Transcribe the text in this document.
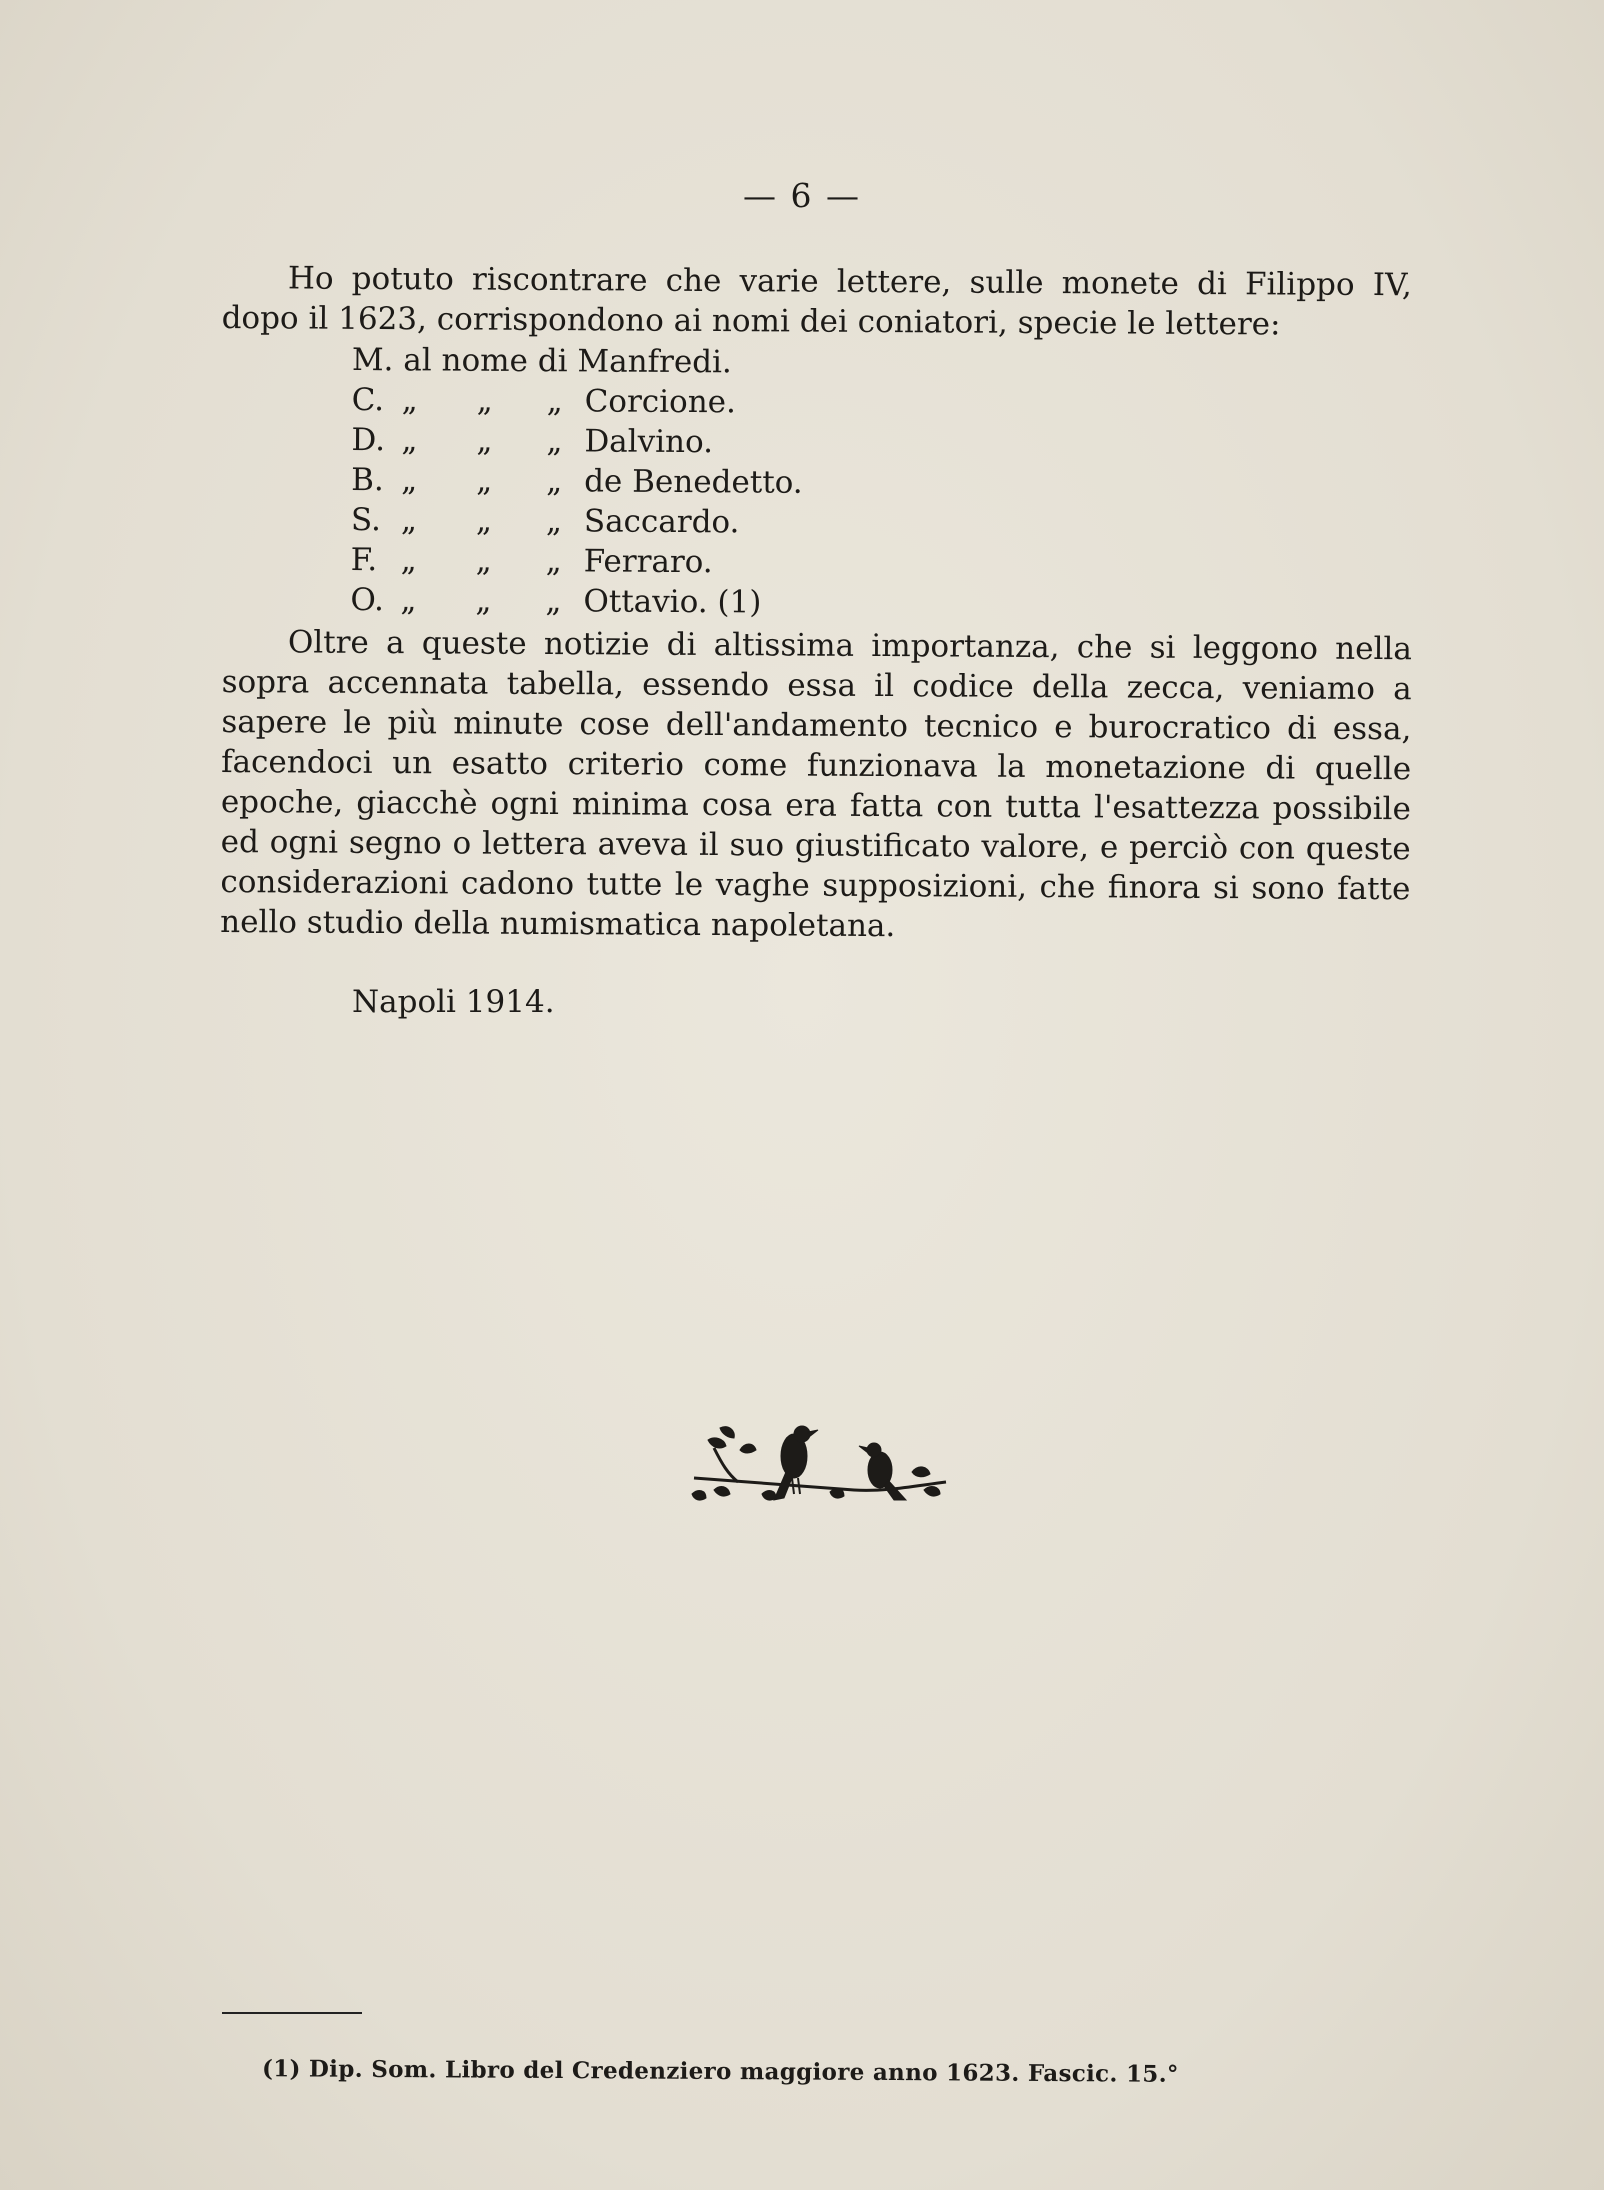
— 6 —

Ho potuto riscontrare che varie lettere, sulle monete di Filippo IV, dopo il 1623, corrispondono ai nomi dei coniatori, specie le lettere:

M. al nome di Manfredi.
C. „ „ „ Corcione.
D. „ „ „ Dalvino.
B. „ „ „ de Benedetto.
S. „ „ „ Saccardo.
F. „ „ „ Ferraro.
O. „ „ „ Ottavio. (1)

Oltre a queste notizie di altissima importanza, che si leggono nella sopra accennata tabella, essendo essa il codice della zecca, veniamo a sapere le più minute cose dell'andamento tecnico e burocratico di essa, facendoci un esatto criterio come funzionava la monetazione di quelle epoche, giacchè ogni minima cosa era fatta con tutta l'esattezza possibile ed ogni segno o lettera aveva il suo giustificato valore, e perciò con queste considerazioni cadono tutte le vaghe supposizioni, che finora si sono fatte nello studio della numismatica napoletana.

Napoli 1914.
(1) Dip. Som. Libro del Credenziero maggiore anno 1623. Fascic. 15.°
